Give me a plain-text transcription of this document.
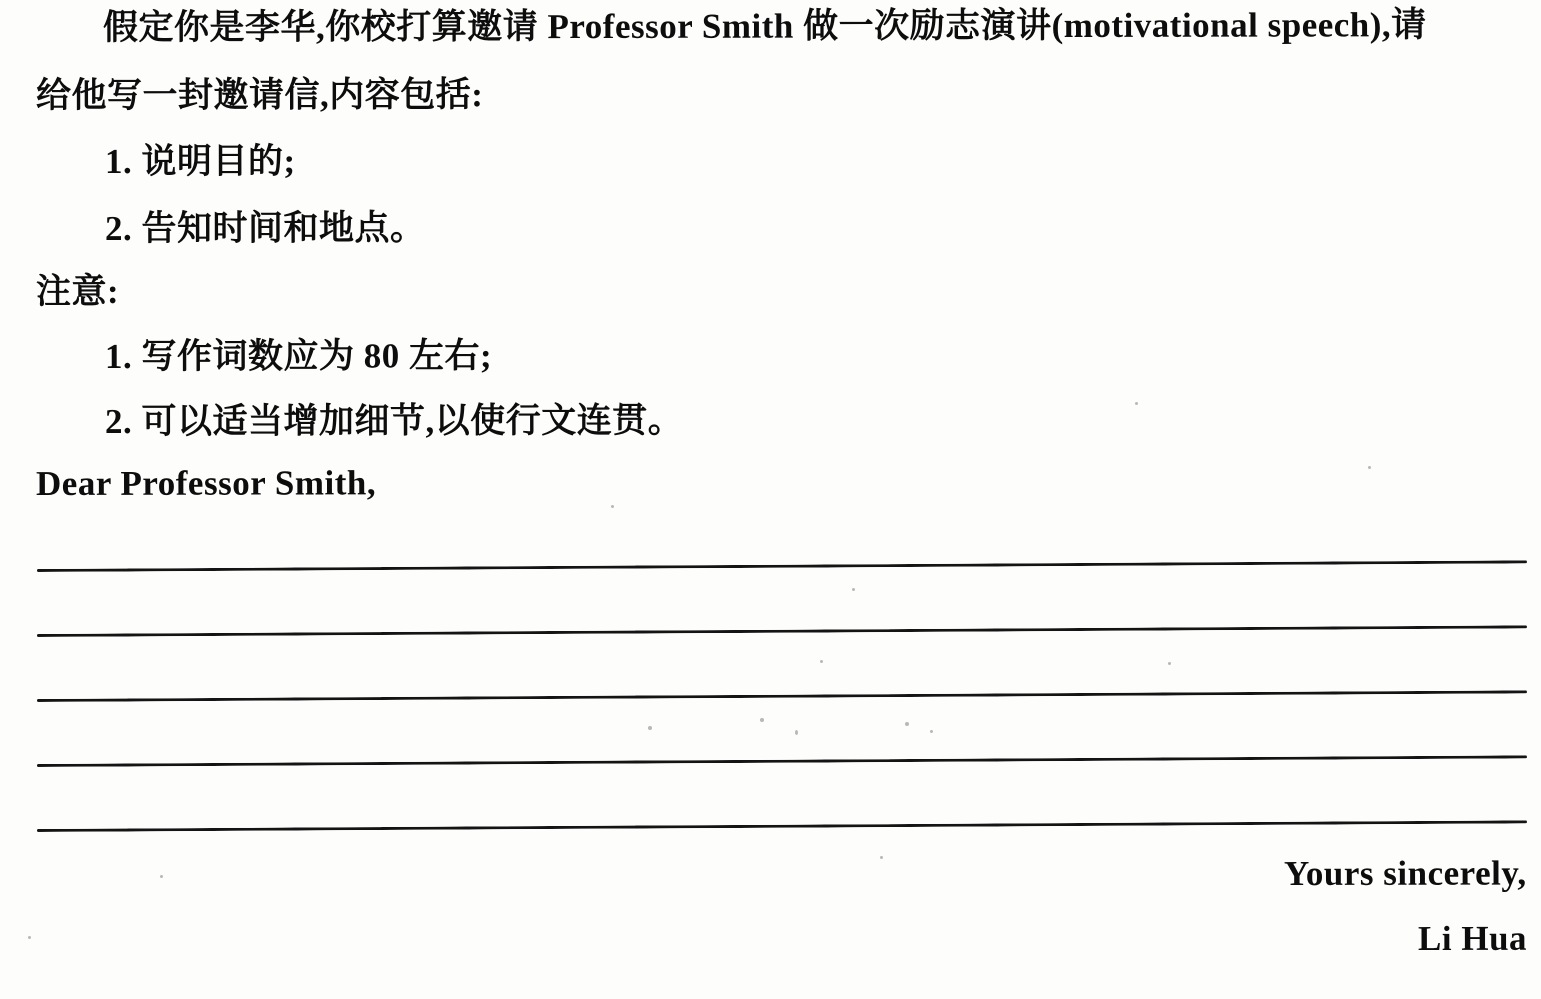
假定你是李华,你校打算邀请 Professor Smith 做一次励志演讲(motivational speech),请
给他写一封邀请信,内容包括:
1. 说明目的;
2. 告知时间和地点。
注意:
1. 写作词数应为 80 左右;
2. 可以适当增加细节,以使行文连贯。
Dear Professor Smith,
Yours sincerely,
Li Hua
